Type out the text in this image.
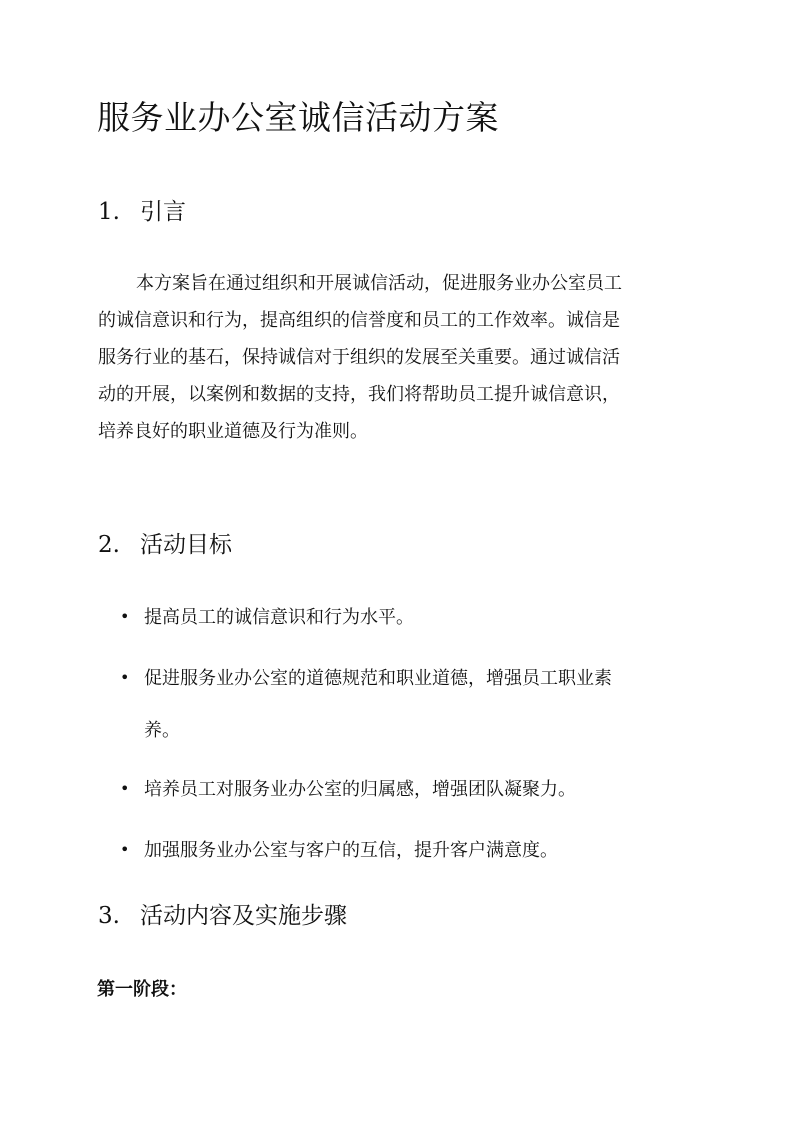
服务业办公室诚信活动方案
1. 引言

本方案旨在通过组织和开展诚信活动，促进服务业办公室员工

的诚信意识和行为，提高组织的信誉度和员工的工作效率。诚信是

服务行业的基石，保持诚信对于组织的发展至关重要。通过诚信活

动的开展，以案例和数据的支持，我们将帮助员工提升诚信意识，

培养良好的职业道德及行为准则。

2. 活动目标
• 提高员工的诚信意识和行为水平。
• 促进服务业办公室的道德规范和职业道德，增强员工职业素
养。
• 培养员工对服务业办公室的归属感，增强团队凝聚力。
• 加强服务业办公室与客户的互信，提升客户满意度。
3. 活动内容及实施步骤

第一阶段：
